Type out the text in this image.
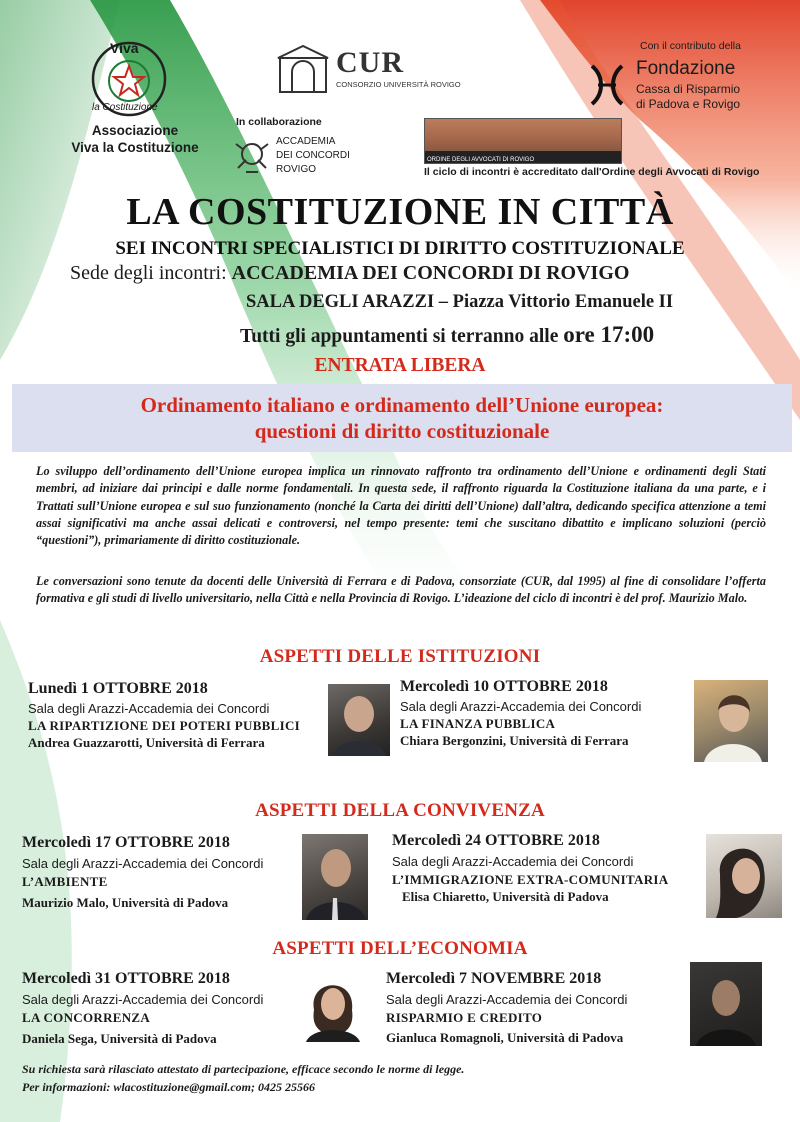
Viva
la Costituzione
Associazione
Viva la Costituzione
CUR
CONSORZIO UNIVERSITÀ ROVIGO
Con il contributo della
Fondazione
Cassa di Risparmio
di Padova e Rovigo
In collaborazione
ACCADEMIA
DEI CONCORDI
ROVIGO
ORDINE DEGLI AVVOCATI DI ROVIGO
Il ciclo di incontri è accreditato dall'Ordine degli Avvocati di Rovigo
LA COSTITUZIONE IN CITTÀ
SEI INCONTRI SPECIALISTICI DI DIRITTO COSTITUZIONALE
Sede degli incontri: ACCADEMIA DEI CONCORDI DI ROVIGO
SALA DEGLI ARAZZI – Piazza Vittorio Emanuele II
Tutti gli appuntamenti si terranno alle ore 17:00
ENTRATA LIBERA
Ordinamento italiano e ordinamento dell’Unione europea:
questioni di diritto costituzionale
Lo sviluppo dell’ordinamento dell’Unione europea implica un rinnovato raffronto tra ordinamento dell’Unione e ordinamenti degli Stati membri, ad iniziare dai principi e dalle norme fondamentali. In questa sede, il raffronto riguarda la Costituzione italiana da una parte, e i Trattati sull’Unione europea e sul suo funzionamento (nonché la Carta dei diritti dell’Unione) dall’altra, dedicando specifica attenzione a temi assai significativi ma anche assai delicati e controversi, nel tempo presente: temi che suscitano dibattito e implicano soluzioni (perciò “questioni”), primariamente di diritto costituzionale.
Le conversazioni sono tenute da docenti delle Università di Ferrara e di Padova, consorziate (CUR, dal 1995) al fine di consolidare l’offerta formativa e gli studi di livello universitario, nella Città e nella Provincia di Rovigo. L’ideazione del ciclo di incontri è del prof. Maurizio Malo.
ASPETTI DELLE ISTITUZIONI
Lunedì 1 OTTOBRE 2018
Sala degli Arazzi-Accademia dei Concordi
LA RIPARTIZIONE DEI POTERI PUBBLICI
Andrea Guazzarotti, Università di Ferrara
Mercoledì 10 OTTOBRE 2018
Sala degli Arazzi-Accademia dei Concordi
LA FINANZA PUBBLICA
Chiara Bergonzini, Università di Ferrara
ASPETTI DELLA CONVIVENZA
Mercoledì 17 OTTOBRE 2018
Sala degli Arazzi-Accademia dei Concordi
L’AMBIENTE
Maurizio Malo, Università di Padova
Mercoledì 24 OTTOBRE 2018
Sala degli Arazzi-Accademia dei Concordi
L’IMMIGRAZIONE EXTRA-COMUNITARIA
Elisa Chiaretto, Università di Padova
ASPETTI DELL’ECONOMIA
Mercoledì 31 OTTOBRE 2018
Sala degli Arazzi-Accademia dei Concordi
LA CONCORRENZA
Daniela Sega, Università di Padova
Mercoledì 7 NOVEMBRE 2018
Sala degli Arazzi-Accademia dei Concordi
RISPARMIO E CREDITO
Gianluca Romagnoli, Università di Padova
Su richiesta sarà rilasciato attestato di partecipazione, efficace secondo le norme di legge.
Per informazioni: wlacostituzione@gmail.com; 0425 25566
